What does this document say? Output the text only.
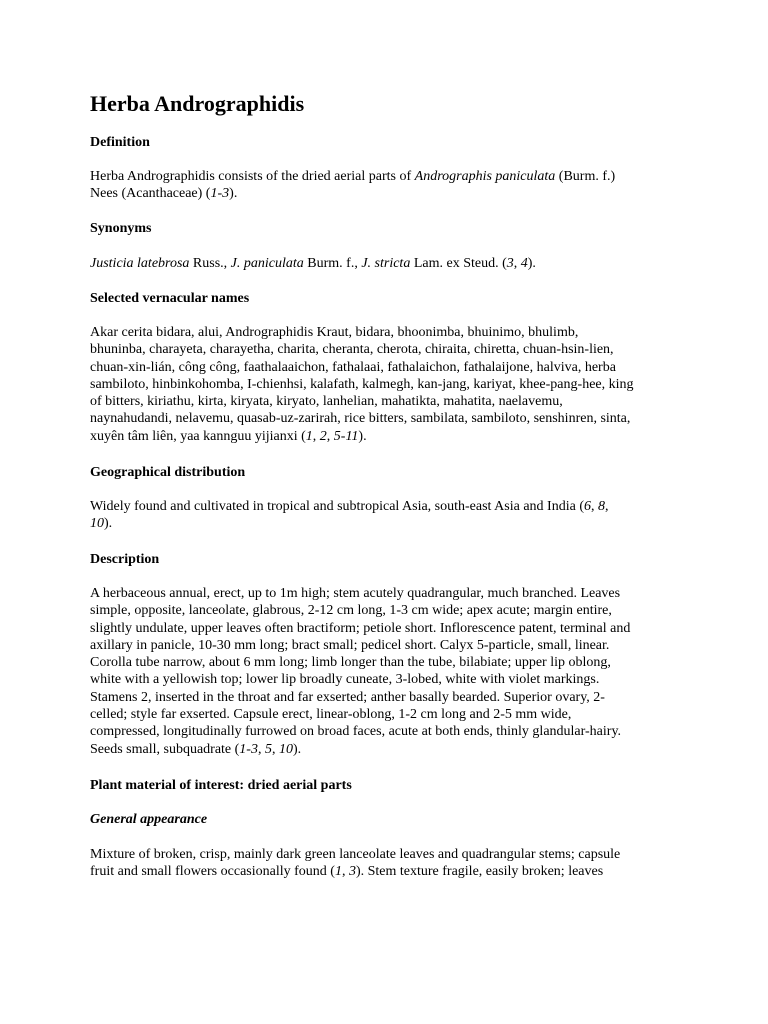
Herba Andrographidis
Definition

Herba Andrographidis consists of the dried aerial parts of Andrographis paniculata (Burm. f.)
Nees (Acanthaceae) (1-3).

Synonyms

Justicia latebrosa Russ., J. paniculata Burm. f., J. stricta Lam. ex Steud. (3, 4).

Selected vernacular names

Akar cerita bidara, alui, Andrographidis Kraut, bidara, bhoonimba, bhuinimo, bhulimb,
bhuninba, charayeta, charayetha, charita, cheranta, cherota, chiraita, chiretta, chuan-hsin-lien,
chuan-xin-lián, công công, faathalaaichon, fathalaai, fathalaichon, fathalaijone, halviva, herba
sambiloto, hinbinkohomba, I-chienhsi, kalafath, kalmegh, kan-jang, kariyat, khee-pang-hee, king
of bitters, kiriathu, kirta, kiryata, kiryato, lanhelian, mahatikta, mahatita, naelavemu,
naynahudandi, nelavemu, quasab-uz-zarirah, rice bitters, sambilata, sambiloto, senshinren, sinta,
xuyên tâm liên, yaa kannguu yijianxi (1, 2, 5-11).

Geographical distribution

Widely found and cultivated in tropical and subtropical Asia, south-east Asia and India (6, 8,
10).

Description

A herbaceous annual, erect, up to 1m high; stem acutely quadrangular, much branched. Leaves
simple, opposite, lanceolate, glabrous, 2-12 cm long, 1-3 cm wide; apex acute; margin entire,
slightly undulate, upper leaves often bractiform; petiole short. Inflorescence patent, terminal and
axillary in panicle, 10-30 mm long; bract small; pedicel short. Calyx 5-particle, small, linear.
Corolla tube narrow, about 6 mm long; limb longer than the tube, bilabiate; upper lip oblong,
white with a yellowish top; lower lip broadly cuneate, 3-lobed, white with violet markings.
Stamens 2, inserted in the throat and far exserted; anther basally bearded. Superior ovary, 2-
celled; style far exserted. Capsule erect, linear-oblong, 1-2 cm long and 2-5 mm wide,
compressed, longitudinally furrowed on broad faces, acute at both ends, thinly glandular-hairy.
Seeds small, subquadrate (1-3, 5, 10).

Plant material of interest: dried aerial parts
General appearance

Mixture of broken, crisp, mainly dark green lanceolate leaves and quadrangular stems; capsule
fruit and small flowers occasionally found (1, 3). Stem texture fragile, easily broken; leaves
